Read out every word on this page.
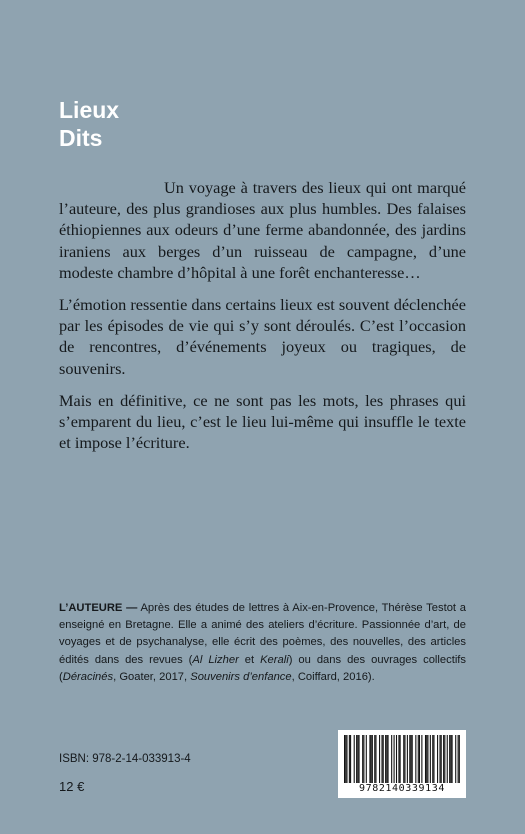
Lieux
Dits

Un voyage à travers des lieux qui ont marqué l’auteure, des plus grandioses aux plus humbles. Des falaises éthiopiennes aux odeurs d’une ferme abandonnée, des jardins iraniens aux berges d’un ruisseau de campagne, d’une modeste chambre d’hôpital à une forêt enchanteresse…

L’émotion ressentie dans certains lieux est souvent déclenchée par les épisodes de vie qui s’y sont déroulés. C’est l’occasion de rencontres, d’événements joyeux ou tragiques, de souvenirs.

Mais en définitive, ce ne sont pas les mots, les phrases qui s’emparent du lieu, c’est le lieu lui-même qui insuffle le texte et impose l’écriture.

L’AUTEURE — Après des études de lettres à Aix-en-Provence, Thérèse Testot a enseigné en Bretagne. Elle a animé des ateliers d’écriture. Passionnée d’art, de voyages et de psychanalyse, elle écrit des poèmes, des nouvelles, des articles édités dans des revues (Al Lizher et Kerali) ou dans des ouvrages collectifs (Déracinés, Goater, 2017, Souvenirs d’enfance, Coiffard, 2016).
ISBN: 978-2-14-033913-4
12 €	9782140339134
